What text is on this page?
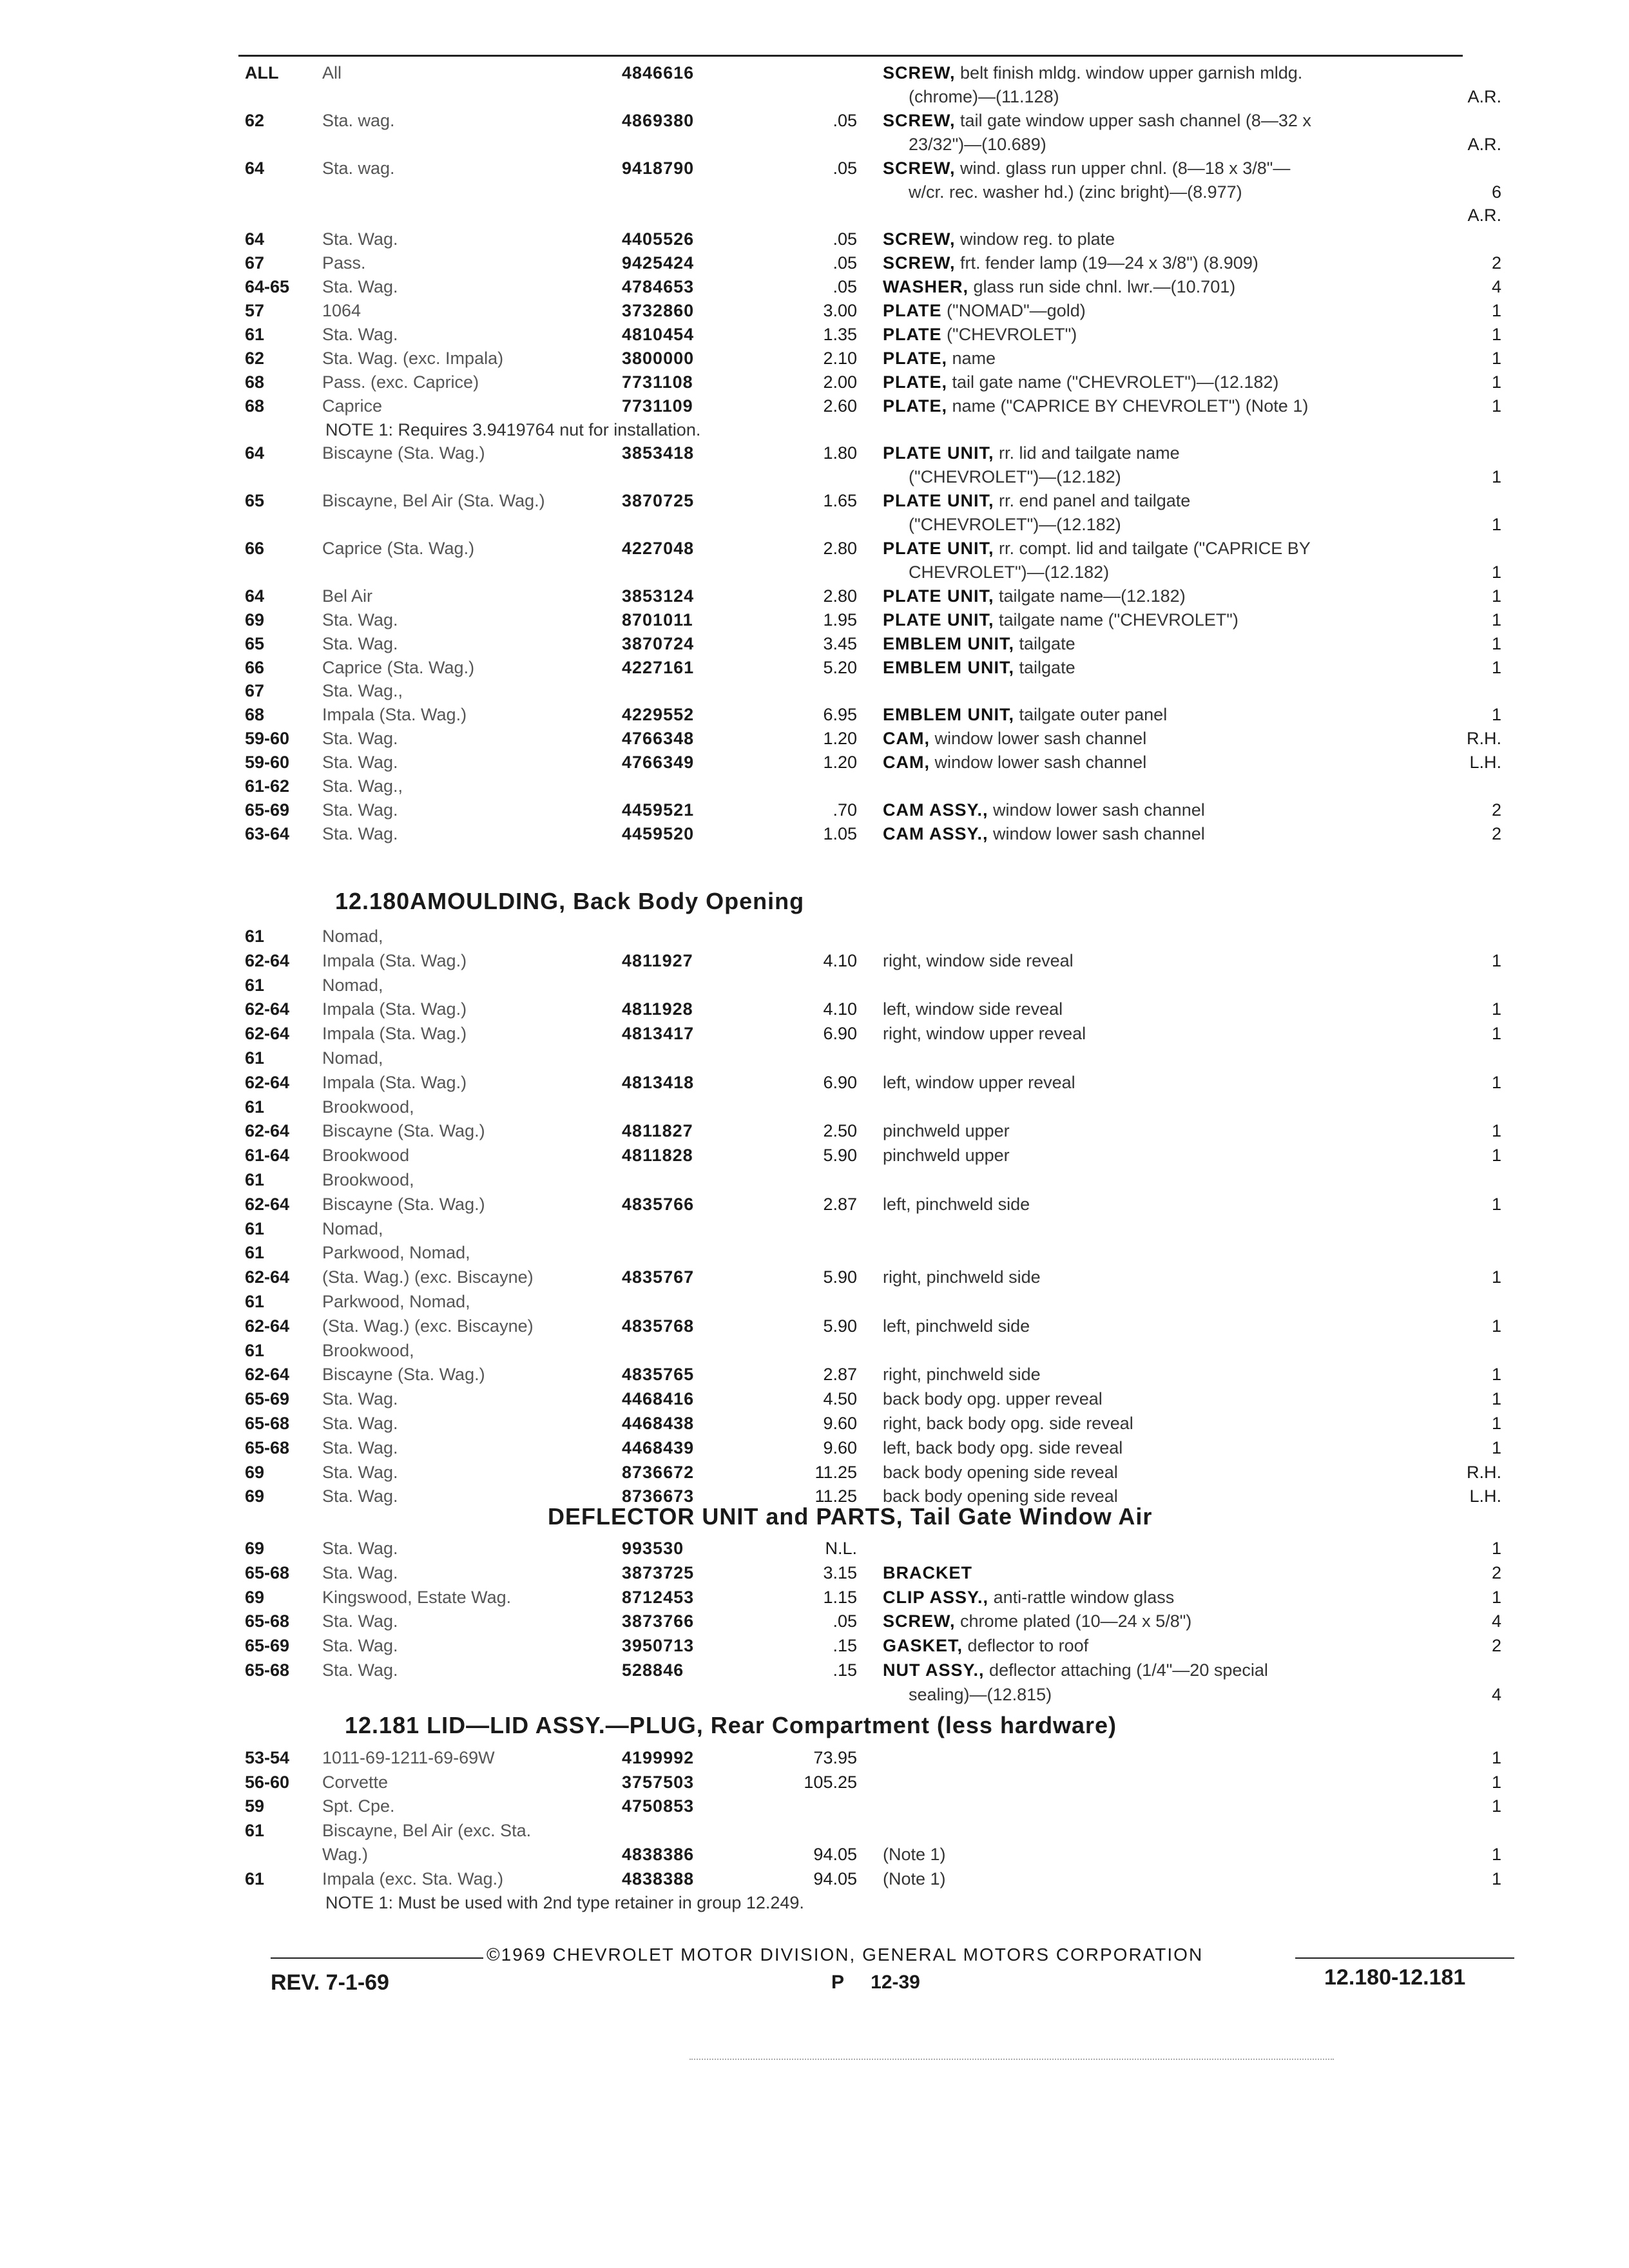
ALL	All	4846616	SCREW, belt finish mldg. window upper garnish mldg.
(chrome)—(11.128)	A.R.
62	Sta. wag.	4869380	.05 SCREW, tail gate window upper sash channel (8—32 x
23/32")—(10.689)	A.R.
64	Sta. wag.	9418790	.05 SCREW, wind. glass run upper chnl. (8—18 x 3/8"—
w/cr. rec. washer hd.) (zinc bright)—(8.977)	6
A.R.
64	Sta. Wag.	4405526	.05 SCREW, window reg. to plate
67	Pass.	9425424	.05 SCREW, frt. fender lamp (19—24 x 3/8") (8.909)	2
64-65 Sta. Wag.	4784653	.05 WASHER, glass run side chnl. lwr.—(10.701)	4
57	1064	3732860	3.00 PLATE ("NOMAD"—gold)	1
61	Sta. Wag.	4810454	1.35 PLATE ("CHEVROLET")	1
62	Sta. Wag. (exc. Impala)	3800000	2.10 PLATE, name	1
68	Pass. (exc. Caprice)	7731108	2.00 PLATE, tail gate name ("CHEVROLET")—(12.182)	1
68	Caprice	7731109	2.60 PLATE, name ("CAPRICE BY CHEVROLET") (Note 1)	1
NOTE 1: Requires 3.9419764 nut for installation.
64	Biscayne (Sta. Wag.)	3853418	1.80 PLATE UNIT, rr. lid and tailgate name
("CHEVROLET")—(12.182)	1
65	Biscayne, Bel Air (Sta. Wag.)	3870725	1.65 PLATE UNIT, rr. end panel and tailgate
("CHEVROLET")—(12.182)	1
66	Caprice (Sta. Wag.)	4227048	2.80 PLATE UNIT, rr. compt. lid and tailgate ("CAPRICE BY
CHEVROLET")—(12.182)	1
64	Bel Air	3853124	2.80 PLATE UNIT, tailgate name—(12.182)	1
69	Sta. Wag.	8701011	1.95 PLATE UNIT, tailgate name ("CHEVROLET")	1
65	Sta. Wag.	3870724	3.45 EMBLEM UNIT, tailgate	1
66	Caprice (Sta. Wag.)	4227161	5.20 EMBLEM UNIT, tailgate	1
67	Sta. Wag.,
68	Impala (Sta. Wag.)	4229552	6.95 EMBLEM UNIT, tailgate outer panel	1
59-60 Sta. Wag.	4766348	1.20 CAM, window lower sash channel	R.H.
59-60 Sta. Wag.	4766349	1.20 CAM, window lower sash channel	L.H.
61-62 Sta. Wag.,
65-69 Sta. Wag.	4459521	.70 CAM ASSY., window lower sash channel	2
63-64 Sta. Wag.	4459520	1.05 CAM ASSY., window lower sash channel	2
61	Nomad,
62-64 Impala (Sta. Wag.)	4811927	4.10 right, window side reveal	1
61	Nomad,
62-64 Impala (Sta. Wag.)	4811928	4.10 left, window side reveal	1
62-64 Impala (Sta. Wag.)	4813417	6.90 right, window upper reveal	1
61	Nomad,
62-64 Impala (Sta. Wag.)	4813418	6.90 left, window upper reveal	1
61	Brookwood,
62-64 Biscayne (Sta. Wag.)	4811827	2.50 pinchweld upper	1
61-64 Brookwood	4811828	5.90 pinchweld upper	1
61	Brookwood,
62-64 Biscayne (Sta. Wag.)	4835766	2.87 left, pinchweld side	1
61	Nomad,
61	Parkwood, Nomad,
62-64 (Sta. Wag.) (exc. Biscayne)	4835767	5.90 right, pinchweld side	1
61	Parkwood, Nomad,
62-64 (Sta. Wag.) (exc. Biscayne)	4835768	5.90 left, pinchweld side	1
61	Brookwood,
62-64 Biscayne (Sta. Wag.)	4835765	2.87 right, pinchweld side	1
65-69 Sta. Wag.	4468416	4.50 back body opg. upper reveal	1
65-68 Sta. Wag.	4468438	9.60 right, back body opg. side reveal	1
65-68 Sta. Wag.	4468439	9.60 left, back body opg. side reveal	1
69	Sta. Wag.	8736672	11.25 back body opening side reveal	R.H.
69	Sta. Wag.	8736673	11.25 back body opening side reveal	L.H.
69	Sta. Wag.	993530	N.L.	1
65-68 Sta. Wag.	3873725	3.15 BRACKET	2
69	Kingswood, Estate Wag.	8712453	1.15 CLIP ASSY., anti-rattle window glass	1
65-68 Sta. Wag.	3873766	.05 SCREW, chrome plated (10—24 x 5/8")	4
65-69 Sta. Wag.	3950713	.15 GASKET, deflector to roof	2
65-68 Sta. Wag.	528846	.15 NUT ASSY., deflector attaching (1/4"—20 special
sealing)—(12.815)	4
53-54 1011-69-1211-69-69W	4199992	73.95	1
56-60 Corvette	3757503	105.25	1
59	Spt. Cpe.	4750853	1
61	Biscayne, Bel Air (exc. Sta.
Wag.)	4838386	94.05 (Note 1)	1
61	Impala (exc. Sta. Wag.)	4838388	94.05 (Note 1)	1
NOTE 1: Must be used with 2nd type retainer in group 12.249.
12.180AMOULDING, Back Body Opening
DEFLECTOR UNIT and PARTS, Tail Gate Window Air
12.181 LID—LID ASSY.—PLUG, Rear Compartment (less hardware)
©1969 CHEVROLET MOTOR DIVISION, GENERAL MOTORS CORPORATION
REV. 7-1-69	P     12-39	12.180-12.181
